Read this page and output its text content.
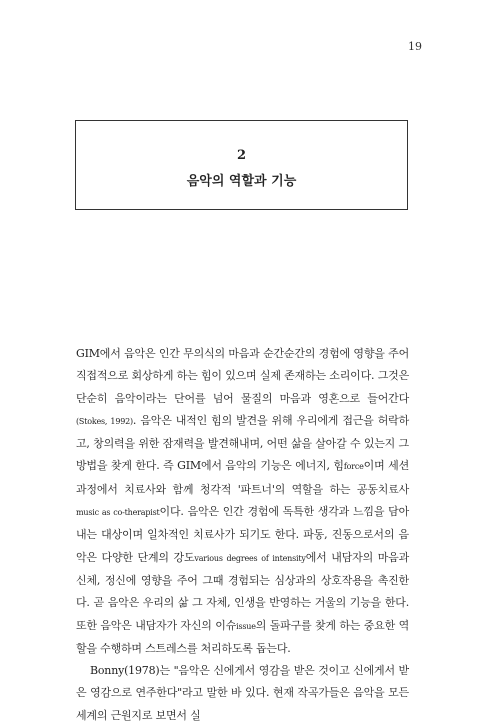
19
2
음악의 역할과 기능

GIM에서 음악은 인간 무의식의 마음과 순간순간의 경험에 영향을 주어 직접적으로 회상하게 하는 힘이 있으며 실제 존재하는 소리이다. 그것은 단순히 음악이라는 단어를 넘어 물질의 마음과 영혼으로 들어간다(Stokes, 1992). 음악은 내적인 힘의 발견을 위해 우리에게 접근을 허락하고, 창의력을 위한 잠재력을 발견해내며, 어떤 삶을 살아갈 수 있는지 그 방법을 찾게 한다. 즉 GIM에서 음악의 기능은 에너지, 힘force이며 세션 과정에서 치료사와 함께 청각적 '파트너'의 역할을 하는 공동치료사music as co-therapist이다. 음악은 인간 경험에 독특한 생각과 느낌을 담아내는 대상이며 일차적인 치료사가 되기도 한다. 파동, 진동으로서의 음악은 다양한 단계의 강도various degrees of intensity에서 내담자의 마음과 신체, 정신에 영향을 주어 그때 경험되는 심상과의 상호작용을 촉진한다. 곧 음악은 우리의 삶 그 자체, 인생을 반영하는 거울의 기능을 한다. 또한 음악은 내담자가 자신의 이슈issue의 돌파구를 찾게 하는 중요한 역할을 수행하며 스트레스를 처리하도록 돕는다.

Bonny(1978)는 "음악은 신에게서 영감을 받은 것이고 신에게서 받은 영감으로 연주한다"라고 말한 바 있다. 현재 작곡가들은 음악을 모든 세계의 근원지로 보면서 실
